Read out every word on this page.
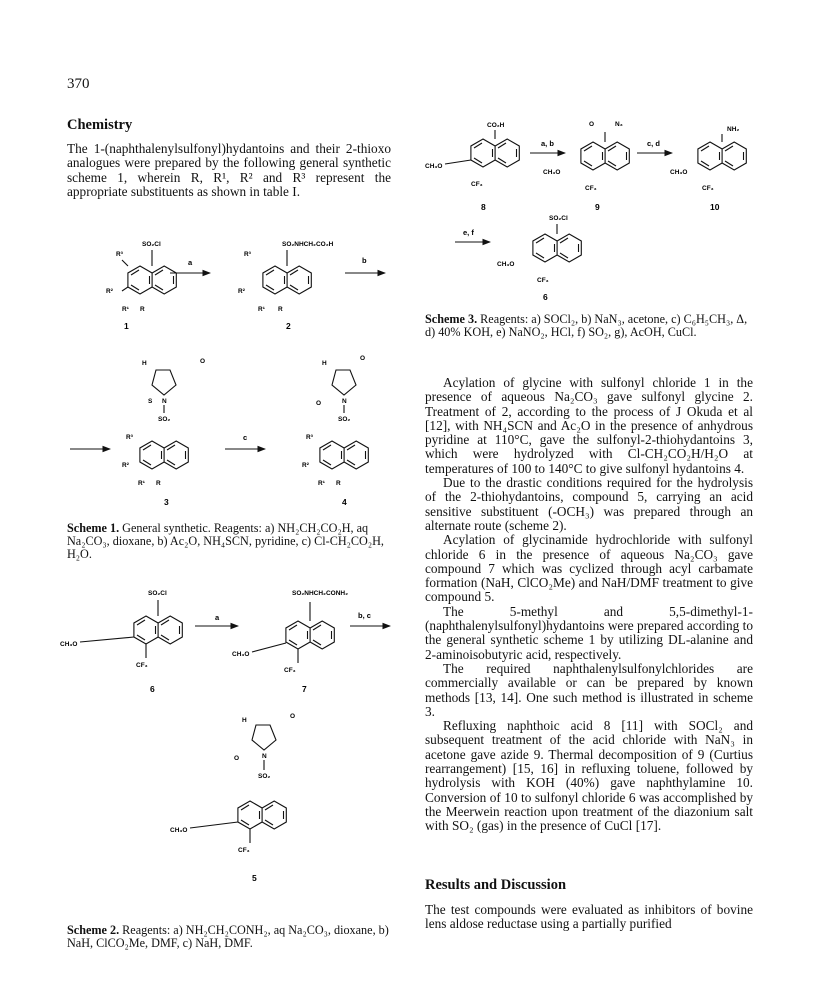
370
Chemistry

The 1-(naphthalenylsulfonyl)hydantoins and their 2-thioxo analogues were prepared by the following general synthetic scheme 1, wherein R, R¹, R² and R³ represent the appropriate substituents as shown in table I.

SO₂Cl
R³
R²
R¹ R
1
a
SO₂NHCH₂CO₂H
R³
R²
R¹ R
2
b
H	O
S N
SO₂
R³
R²
R¹ R
3
c
H
O
O	N
SO₂
R³
R²
R¹ R
4

Scheme 1. General synthetic. Reagents: a) NH₂CH₂CO₂H, aq Na₂CO₃, dioxane, b) Ac₂O, NH₄SCN, pyridine, c) Cl-CH₂CO₂H, H₂O.

SO₂Cl
CH₃O
CF₃
6
a
SO₂NHCH₂CONH₂
CH₃O
CF₃
7
b, c
H
O
O	N
SO₂
CH₃O
CF₃
5

Scheme 2. Reagents: a) NH₂CH₂CONH₂, aq Na₂CO₃, dioxane, b) NaH, ClCO₂Me, DMF, c) NaH, DMF.

CO₂H
CH₃O
CF₃
8
a, b
O	N₃
CH₃O
CF₃
9
c, d
NH₂
CH₃O
CF₃
10
e, f
SO₂Cl
CH₃O
CF₃
6

Scheme 3. Reagents: a) SOCl₂, b) NaN₃, acetone, c) C₆H₅CH₃, Δ, d) 40% KOH, e) NaNO₂, HCl, f) SO₂, g), AcOH, CuCl.

Acylation of glycine with sulfonyl chloride 1 in the presence of aqueous Na₂CO₃ gave sulfonyl glycine 2. Treatment of 2, according to the process of J Okuda et al [12], with NH₄SCN and Ac₂O in the presence of anhydrous pyridine at 110°C, gave the sulfonyl-2-thiohydantoins 3, which were hydrolyzed with Cl-CH₂CO₂H/H₂O at temperatures of 100 to 140°C to give sulfonyl hydantoins 4.

Due to the drastic conditions required for the hydrolysis of the 2-thiohydantoins, compound 5, carrying an acid sensitive substituent (-OCH₃) was prepared through an alternate route (scheme 2).

Acylation of glycinamide hydrochloride with sulfonyl chloride 6 in the presence of aqueous Na₂CO₃ gave compound 7 which was cyclized through acyl carbamate formation (NaH, ClCO₂Me) and NaH/DMF treatment to give compound 5.

The 5-methyl and 5,5-dimethyl-1-(naphthalenylsulfonyl)hydantoins were prepared according to the general synthetic scheme 1 by utilizing DL-alanine and 2-aminoisobutyric acid, respectively.

The required naphthalenylsulfonylchlorides are commercially available or can be prepared by known methods [13, 14]. One such method is illustrated in scheme 3.

Refluxing naphthoic acid 8 [11] with SOCl₂ and subsequent treatment of the acid chloride with NaN₃ in acetone gave azide 9. Thermal decomposition of 9 (Curtius rearrangement) [15, 16] in refluxing toluene, followed by hydrolysis with KOH (40%) gave naphthylamine 10. Conversion of 10 to sulfonyl chloride 6 was accomplished by the Meerwein reaction upon treatment of the diazonium salt with SO₂ (gas) in the presence of CuCl [17].

Results and Discussion

The test compounds were evaluated as inhibitors of bovine lens aldose reductase using a partially purified
